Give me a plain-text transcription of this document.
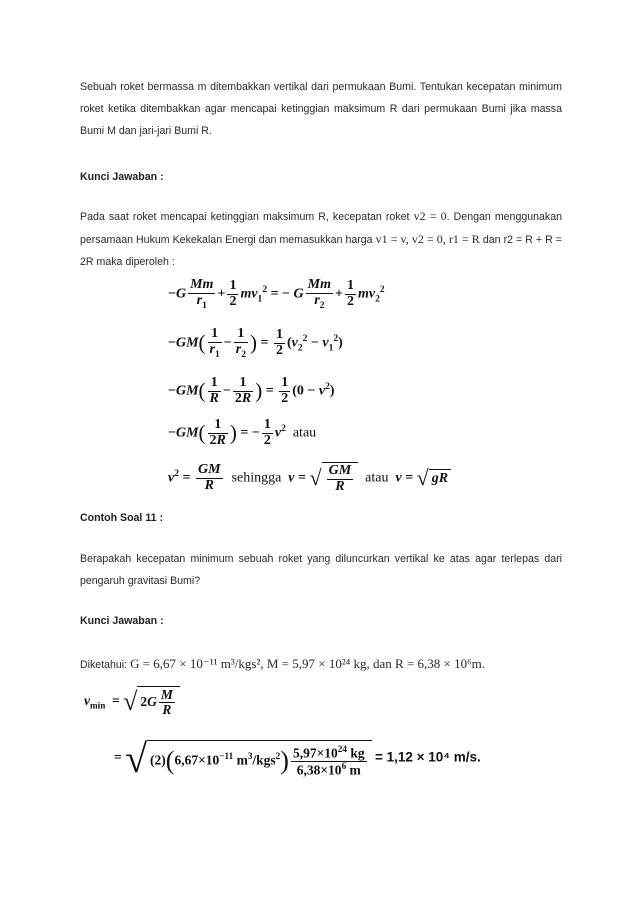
Sebuah roket bermassa m ditembakkan vertikal dari permukaan Bumi. Tentukan kecepatan minimum roket ketika ditembakkan agar mencapai ketinggian maksimum R dari permukaan Bumi jika massa Bumi M dan jari-jari Bumi R.

Kunci Jawaban :

Pada saat roket mencapai ketinggian maksimum R, kecepatan roket v2 = 0. Dengan menggunakan persamaan Hukum Kekekalan Energi dan memasukkan harga v1 = v, v2 = 0, r1 = R dan r2 = R + R = 2R maka diperoleh :

$-G \frac{Mm}{r_1} + \frac{1}{2} mv_1^2$ = − G $\frac{Mm}{r_2} + \frac{1}{2} mv_2^2$
$-GM( \frac{1}{r_1} - \frac{1}{r_2}$ ) = $\frac{1}{2} (v_2^2 - v_1^2)$
$-GM( \frac{1}{R} - \frac{1}{2R}$ ) = $\frac{1}{2} (0 - v^2)$
$-GM( \frac{1}{2R}$ ) = − $\frac{1}{2} v^2$ atau
$v^2 = \frac{GM}{R}$ sehingga v = √ $\frac{GM}{R}$ atau v = √ gR

Contoh Soal 11 :

Berapakah kecepatan minimum sebuah roket yang diluncurkan vertikal ke atas agar terlepas dari pengaruh gravitasi Bumi?

Kunci Jawaban :

Diketahui: G = 6,67 × 10⁻¹¹ m³/kgs², M = 5,97 × 10²⁴ kg, dan R = 6,38 × 10⁶m.

$v_{min}$  = √ $2G \frac{M}{R}$
= √ $(2)(6,67\times 10^{-11}$ $m^3/kgs^2) \frac{5,97\times 10^{24} kg}{6,38\times 10^6 m} = 1,12 \times 10^4$ m/s.
